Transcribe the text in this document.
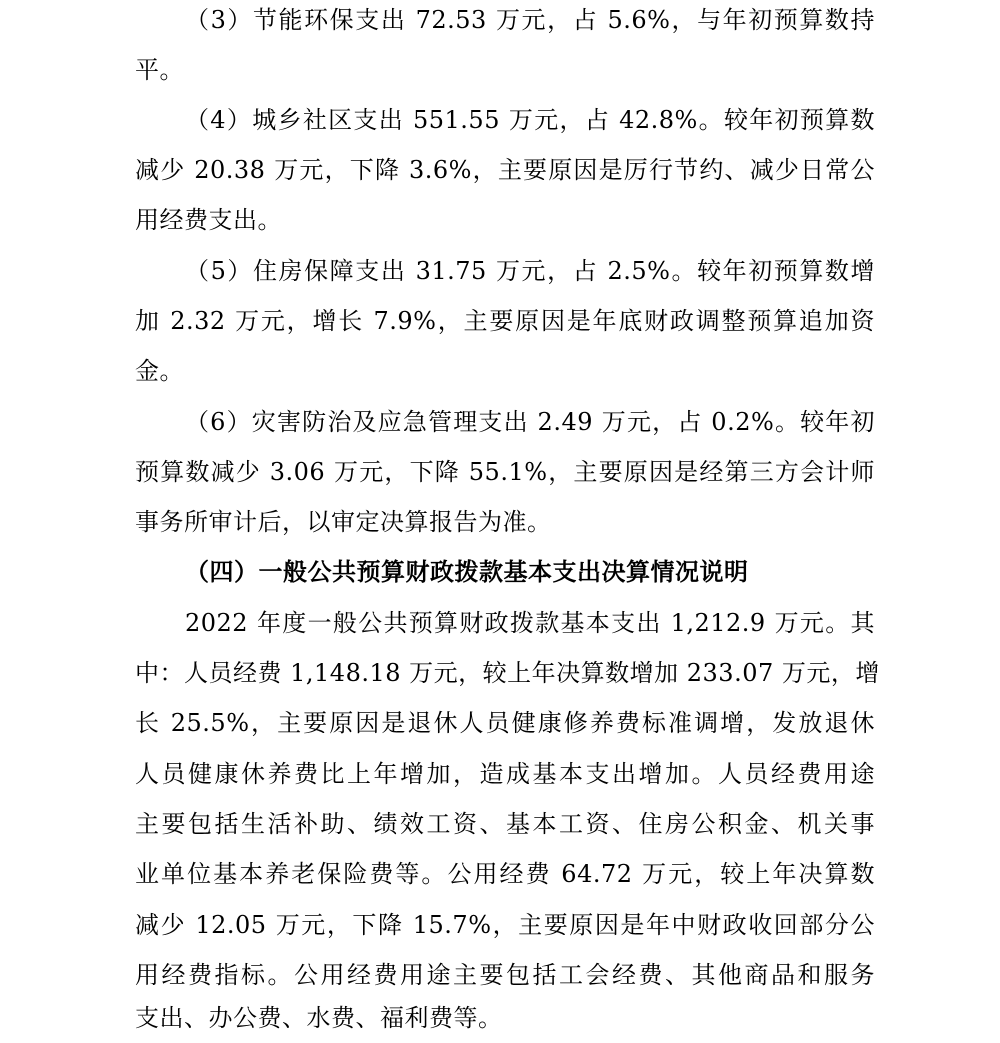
（3）节能环保支出 72.53 万元，占 5.6%，与年初预算数持
平。
（4）城乡社区支出 551.55 万元，占 42.8%。较年初预算数
减少 20.38 万元，下降 3.6%，主要原因是厉行节约、减少日常公
用经费支出。
（5）住房保障支出 31.75 万元，占 2.5%。较年初预算数增
加 2.32 万元，增长 7.9%，主要原因是年底财政调整预算追加资
金。
（6）灾害防治及应急管理支出 2.49 万元，占 0.2%。较年初
预算数减少 3.06 万元，下降 55.1%，主要原因是经第三方会计师
事务所审计后，以审定决算报告为准。
（四）一般公共预算财政拨款基本支出决算情况说明
2022 年度一般公共预算财政拨款基本支出 1,212.9 万元。其
中：人员经费 1,148.18 万元，较上年决算数增加 233.07 万元，增
长 25.5%，主要原因是退休人员健康修养费标准调增，发放退休
人员健康休养费比上年增加，造成基本支出增加。人员经费用途
主要包括生活补助、绩效工资、基本工资、住房公积金、机关事
业单位基本养老保险费等。公用经费 64.72 万元，较上年决算数
减少 12.05 万元，下降 15.7%，主要原因是年中财政收回部分公
用经费指标。公用经费用途主要包括工会经费、其他商品和服务
支出、办公费、水费、福利费等。
